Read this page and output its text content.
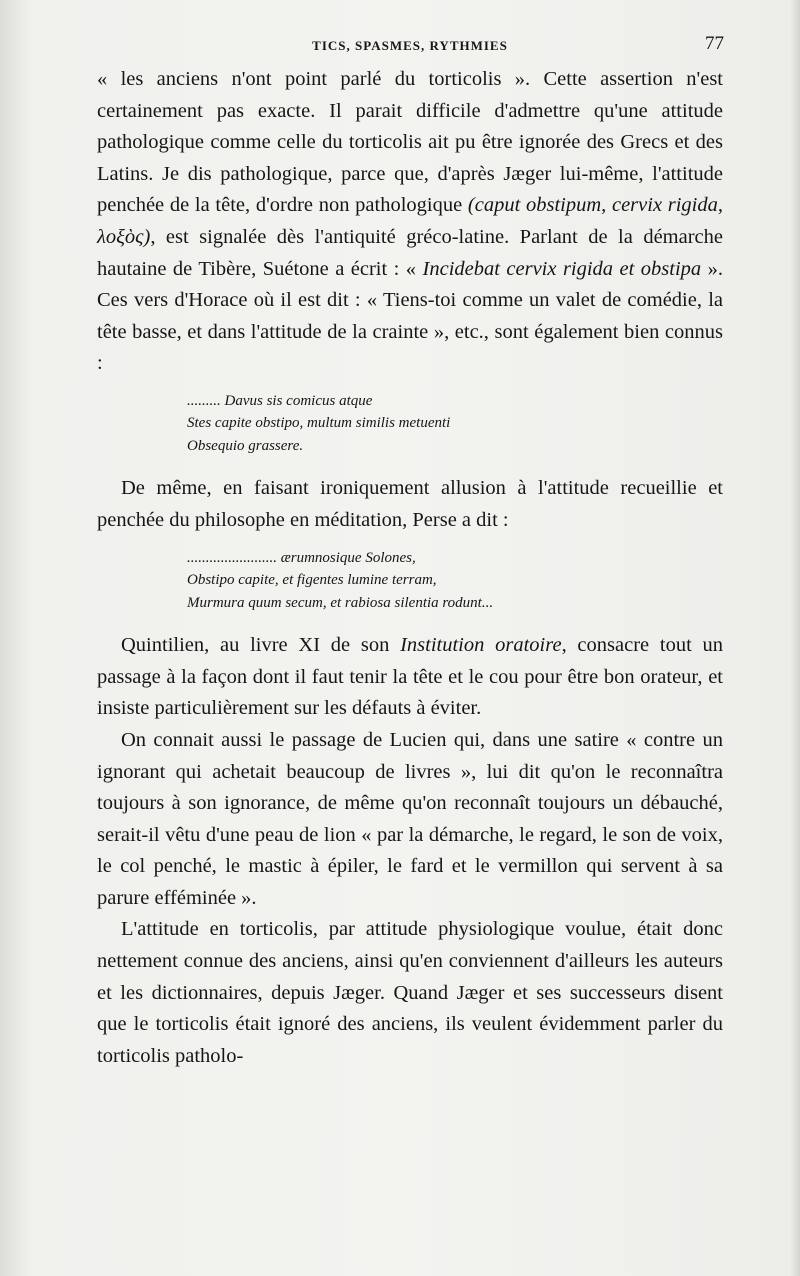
TICS, SPASMES, RYTHMIES	77

« les anciens n'ont point parlé du torticolis ». Cette assertion n'est certainement pas exacte. Il parait difficile d'admettre qu'une attitude pathologique comme celle du torticolis ait pu être ignorée des Grecs et des Latins. Je dis pathologique, parce que, d'après Jæger lui-même, l'attitude penchée de la tête, d'ordre non pathologique (caput obstipum, cervix rigida, λοξὸς), est signalée dès l'antiquité gréco-latine. Parlant de la démarche hautaine de Tibère, Suétone a écrit : « Incidebat cervix rigida et obstipa ». Ces vers d'Horace où il est dit : « Tiens-toi comme un valet de comédie, la tête basse, et dans l'attitude de la crainte », etc., sont également bien connus :

......... Davus sis comicus atque
Stes capite obstipo, multum similis metuenti
Obsequio grassere.

De même, en faisant ironiquement allusion à l'attitude recueillie et penchée du philosophe en méditation, Perse a dit :

........................ ærumnosique Solones,
Obstipo capite, et figentes lumine terram,
Murmura quum secum, et rabiosa silentia rodunt...

Quintilien, au livre XI de son Institution oratoire, consacre tout un passage à la façon dont il faut tenir la tête et le cou pour être bon orateur, et insiste particulièrement sur les défauts à éviter.

On connait aussi le passage de Lucien qui, dans une satire « contre un ignorant qui achetait beaucoup de livres », lui dit qu'on le reconnaîtra toujours à son ignorance, de même qu'on reconnaît toujours un débauché, serait-il vêtu d'une peau de lion « par la démarche, le regard, le son de voix, le col penché, le mastic à épiler, le fard et le vermillon qui servent à sa parure efféminée ».

L'attitude en torticolis, par attitude physiologique voulue, était donc nettement connue des anciens, ainsi qu'en conviennent d'ailleurs les auteurs et les dictionnaires, depuis Jæger. Quand Jæger et ses successeurs disent que le torticolis était ignoré des anciens, ils veulent évidemment parler du torticolis patholo-
